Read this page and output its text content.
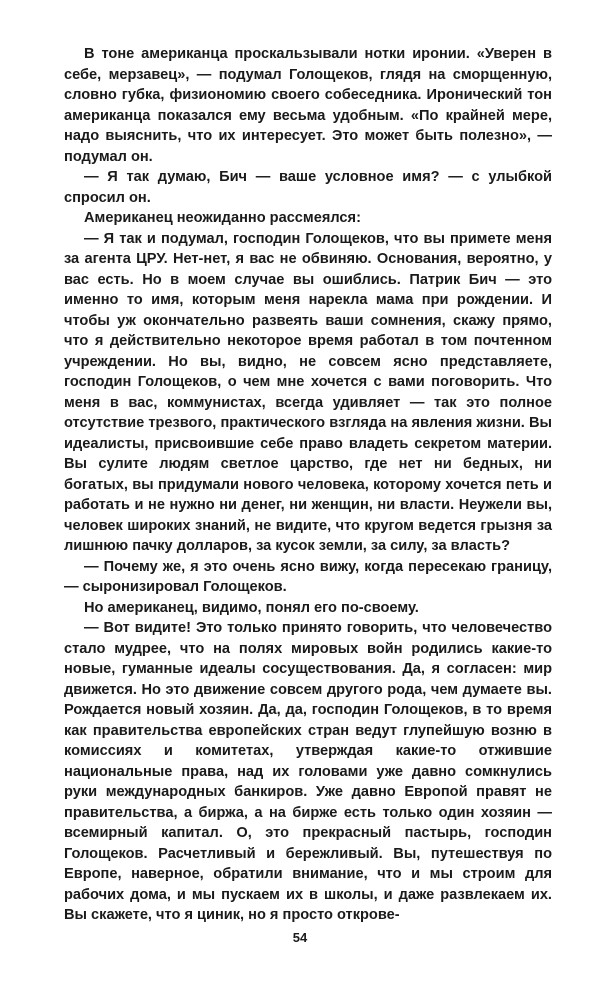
В тоне американца проскальзывали нотки иронии. «Уверен в себе, мерзавец», — подумал Голощеков, глядя на сморщенную, словно губка, физиономию своего собеседника. Иронический тон американца показался ему весьма удобным. «По крайней мере, надо выяснить, что их интересует. Это может быть полезно», — подумал он.

— Я так думаю, Бич — ваше условное имя? — с улыбкой спросил он.

Американец неожиданно рассмеялся:

— Я так и подумал, господин Голощеков, что вы примете меня за агента ЦРУ. Нет-нет, я вас не обвиняю. Основания, вероятно, у вас есть. Но в моем случае вы ошиблись. Патрик Бич — это именно то имя, которым меня нарекла мама при рождении. И чтобы уж окончательно развеять ваши сомнения, скажу прямо, что я действительно некоторое время работал в том почтенном учреждении. Но вы, видно, не совсем ясно представляете, господин Голощеков, о чем мне хочется с вами поговорить. Что меня в вас, коммунистах, всегда удивляет — так это полное отсутствие трезвого, практического взгляда на явления жизни. Вы идеалисты, присвоившие себе право владеть секретом материи. Вы сулите людям светлое царство, где нет ни бедных, ни богатых, вы придумали нового человека, которому хочется петь и работать и не нужно ни денег, ни женщин, ни власти. Неужели вы, человек широких знаний, не видите, что кругом ведется грызня за лишнюю пачку долларов, за кусок земли, за силу, за власть?

— Почему же, я это очень ясно вижу, когда пересекаю границу, — сыронизировал Голощеков.

Но американец, видимо, понял его по-своему.

— Вот видите! Это только принято говорить, что человечество стало мудрее, что на полях мировых войн родились какие-то новые, гуманные идеалы сосуществования. Да, я согласен: мир движется. Но это движение совсем другого рода, чем думаете вы. Рождается новый хозяин. Да, да, господин Голощеков, в то время как правительства европейских стран ведут глупейшую возню в комиссиях и комитетах, утверждая какие-то отжившие национальные права, над их головами уже давно сомкнулись руки международных банкиров. Уже давно Европой правят не правительства, а биржа, а на бирже есть только один хозяин — всемирный капитал. О, это прекрасный пастырь, господин Голощеков. Расчетливый и бережливый. Вы, путешествуя по Европе, наверное, обратили внимание, что и мы строим для рабочих дома, и мы пускаем их в школы, и даже развлекаем их. Вы скажете, что я циник, но я просто открове-

54
